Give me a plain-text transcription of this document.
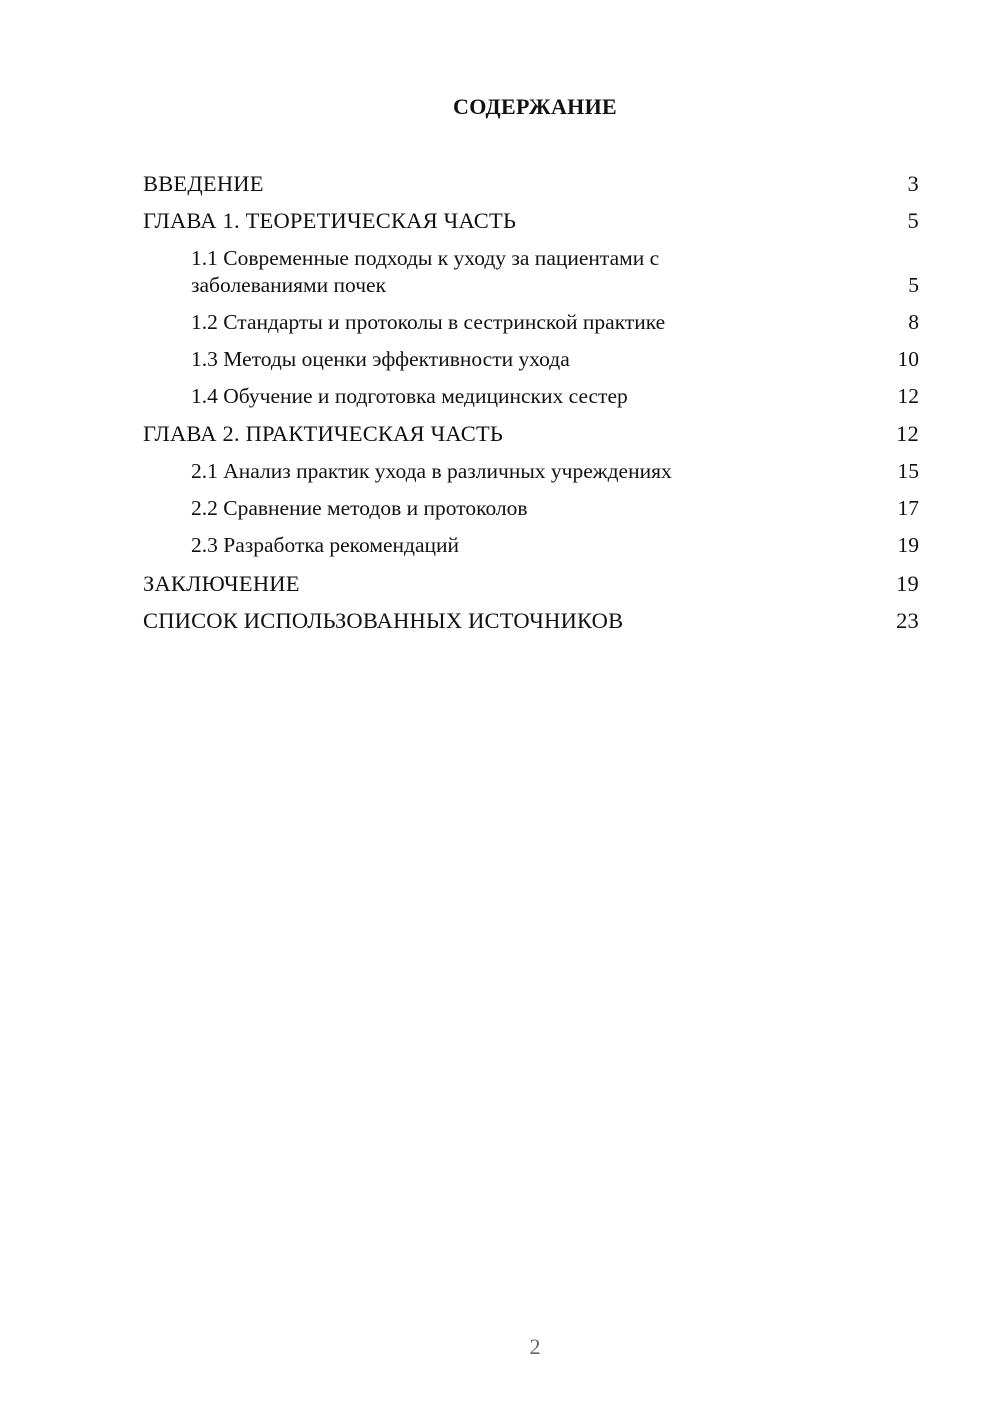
СОДЕРЖАНИЕ
ВВЕДЕНИЕ	3
ГЛАВА 1. ТЕОРЕТИЧЕСКАЯ ЧАСТЬ	5
1.1 Современные подходы к уходу за пациентами с заболеваниями почек	5
1.2 Стандарты и протоколы в сестринской практике	8
1.3 Методы оценки эффективности ухода	10
1.4 Обучение и подготовка медицинских сестер	12
ГЛАВА 2. ПРАКТИЧЕСКАЯ ЧАСТЬ	12
2.1 Анализ практик ухода в различных учреждениях	15
2.2 Сравнение методов и протоколов	17
2.3 Разработка рекомендаций	19
ЗАКЛЮЧЕНИЕ	19
СПИСОК ИСПОЛЬЗОВАННЫХ ИСТОЧНИКОВ	23
2
